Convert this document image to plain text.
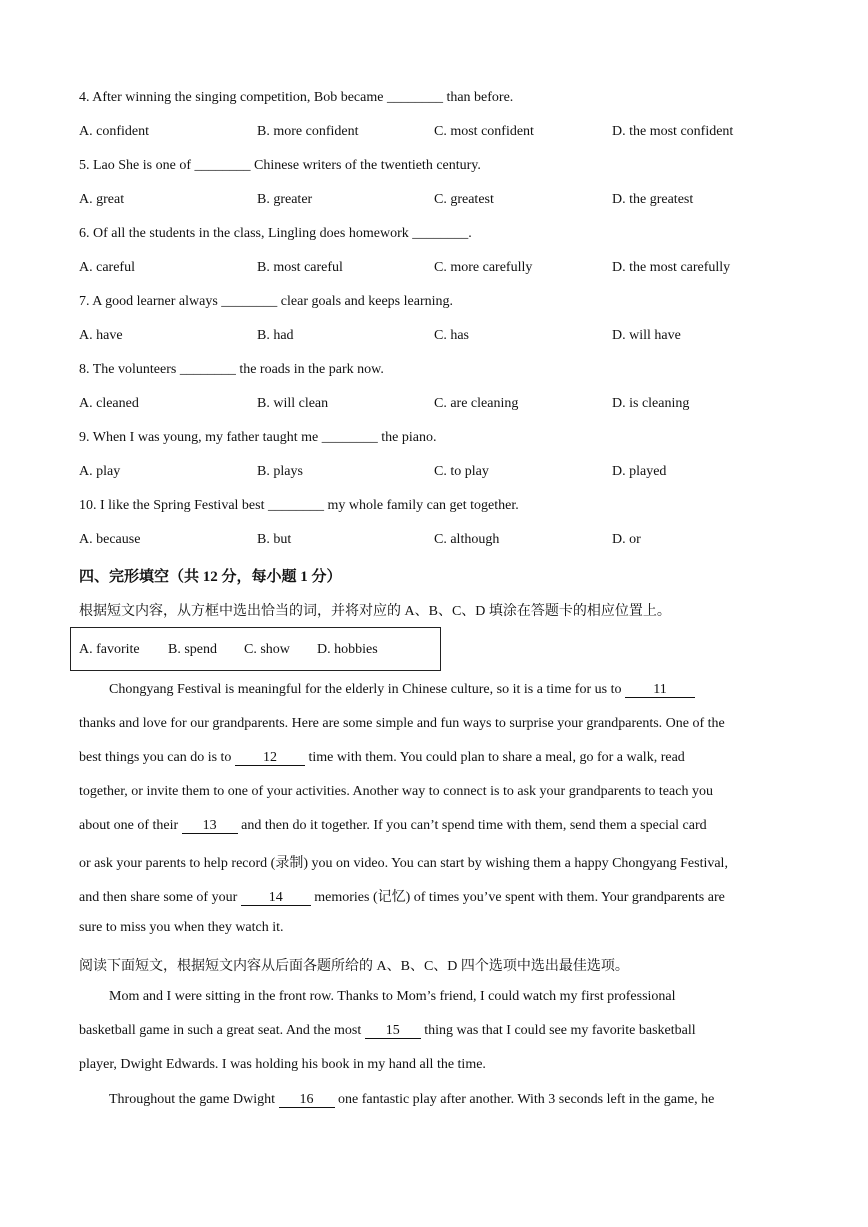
4. After winning the singing competition, Bob became ________ than before.
A. confident	B. more confident	C. most confident	D. the most confident
5. Lao She is one of ________ Chinese writers of the twentieth century.
A. great	B. greater	C. greatest	D. the greatest
6. Of all the students in the class, Lingling does homework ________.
A. careful	B. most careful	C. more carefully	D. the most carefully
7. A good learner always ________ clear goals and keeps learning.
A. have	B. had	C. has	D. will have
8. The volunteers ________ the roads in the park now.
A. cleaned	B. will clean	C. are cleaning	D. is cleaning
9. When I was young, my father taught me ________ the piano.
A. play	B. plays	C. to play	D. played
10. I like the Spring Festival best ________ my whole family can get together.
A. because	B. but	C. although	D. or
四、完形填空（共 12 分，每小题 1 分）
根据短文内容，从方框中选出恰当的词，并将对应的 A、B、C、D 填涂在答题卡的相应位置上。
A. favorite B. spend C. show D. hobbies
Chongyang Festival is meaningful for the elderly in Chinese culture, so it is a time for us to 11
thanks and love for our grandparents. Here are some simple and fun ways to surprise your grandparents. One of the
best things you can do is to 12 time with them. You could plan to share a meal, go for a walk, read
together, or invite them to one of your activities. Another way to connect is to ask your grandparents to teach you
about one of their 13 and then do it together. If you can’t spend time with them, send them a special card
or ask your parents to help record (录制) you on video. You can start by wishing them a happy Chongyang Festival,
and then share some of your 14 memories (记忆) of times you’ve spent with them. Your grandparents are
sure to miss you when they watch it.
阅读下面短文，根据短文内容从后面各题所给的 A、B、C、D 四个选项中选出最佳选项。
Mom and I were sitting in the front row. Thanks to Mom’s friend, I could watch my first professional
basketball game in such a great seat. And the most 15 thing was that I could see my favorite basketball
player, Dwight Edwards. I was holding his book in my hand all the time.
Throughout the game Dwight 16 one fantastic play after another. With 3 seconds left in the game, he
